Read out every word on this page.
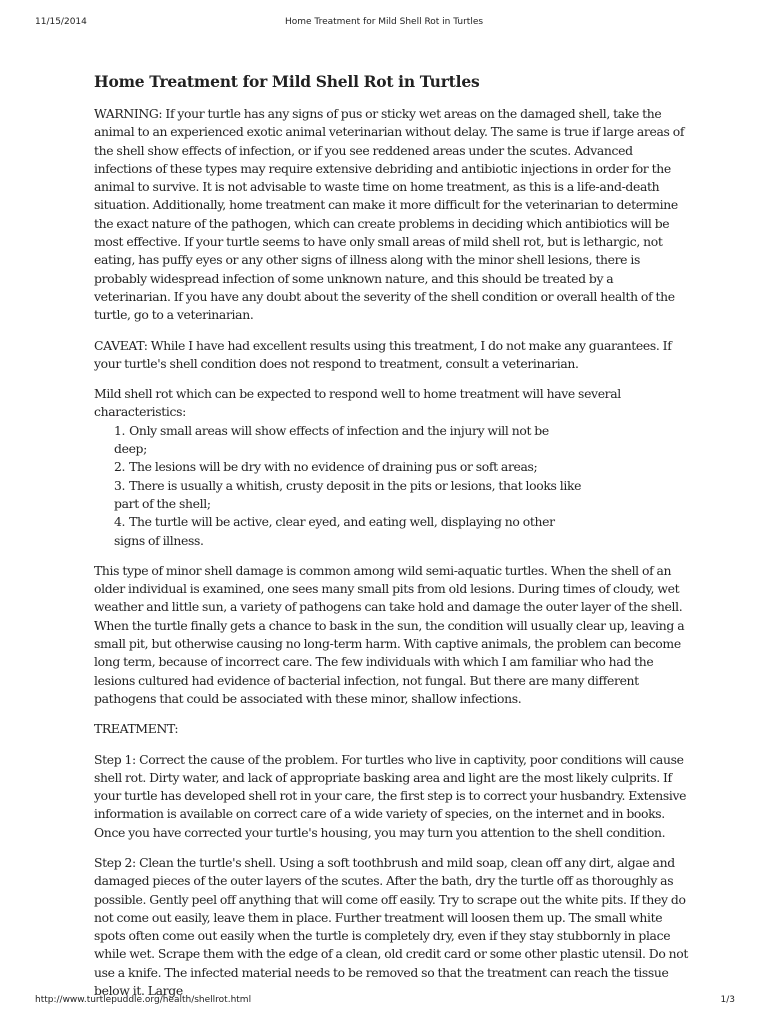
11/15/2014	Home Treatment for Mild Shell Rot in Turtles
Home Treatment for Mild Shell Rot in Turtles

WARNING: If your turtle has any signs of pus or sticky wet areas on the damaged shell, take the animal to an experienced exotic animal veterinarian without delay. The same is true if large areas of the shell show effects of infection, or if you see reddened areas under the scutes. Advanced infections of these types may require extensive debriding and antibiotic injections in order for the animal to survive. It is not advisable to waste time on home treatment, as this is a life-and-death situation. Additionally, home treatment can make it more difficult for the veterinarian to determine the exact nature of the pathogen, which can create problems in deciding which antibiotics will be most effective. If your turtle seems to have only small areas of mild shell rot, but is lethargic, not eating, has puffy eyes or any other signs of illness along with the minor shell lesions, there is probably widespread infection of some unknown nature, and this should be treated by a veterinarian. If you have any doubt about the severity of the shell condition or overall health of the turtle, go to a veterinarian.

CAVEAT: While I have had excellent results using this treatment, I do not make any guarantees. If your turtle's shell condition does not respond to treatment, consult a veterinarian.

Mild shell rot which can be expected to respond well to home treatment will have several characteristics:
1. Only small areas will show effects of infection and the injury will not be deep;
2. The lesions will be dry with no evidence of draining pus or soft areas;
3. There is usually a whitish, crusty deposit in the pits or lesions, that looks like part of the shell;
4. The turtle will be active, clear eyed, and eating well, displaying no other signs of illness.

This type of minor shell damage is common among wild semi-aquatic turtles. When the shell of an older individual is examined, one sees many small pits from old lesions. During times of cloudy, wet weather and little sun, a variety of pathogens can take hold and damage the outer layer of the shell. When the turtle finally gets a chance to bask in the sun, the condition will usually clear up, leaving a small pit, but otherwise causing no long-term harm. With captive animals, the problem can become long term, because of incorrect care. The few individuals with which I am familiar who had the lesions cultured had evidence of bacterial infection, not fungal. But there are many different pathogens that could be associated with these minor, shallow infections.

TREATMENT:

Step 1: Correct the cause of the problem. For turtles who live in captivity, poor conditions will cause shell rot. Dirty water, and lack of appropriate basking area and light are the most likely culprits. If your turtle has developed shell rot in your care, the first step is to correct your husbandry. Extensive information is available on correct care of a wide variety of species, on the internet and in books. Once you have corrected your turtle's housing, you may turn you attention to the shell condition.

Step 2: Clean the turtle's shell. Using a soft toothbrush and mild soap, clean off any dirt, algae and damaged pieces of the outer layers of the scutes. After the bath, dry the turtle off as thoroughly as possible. Gently peel off anything that will come off easily. Try to scrape out the white pits. If they do not come out easily, leave them in place. Further treatment will loosen them up. The small white spots often come out easily when the turtle is completely dry, even if they stay stubbornly in place while wet. Scrape them with the edge of a clean, old credit card or some other plastic utensil. Do not use a knife. The infected material needs to be removed so that the treatment can reach the tissue below it. Large

http://www.turtlepuddle.org/health/shellrot.html	1/3
